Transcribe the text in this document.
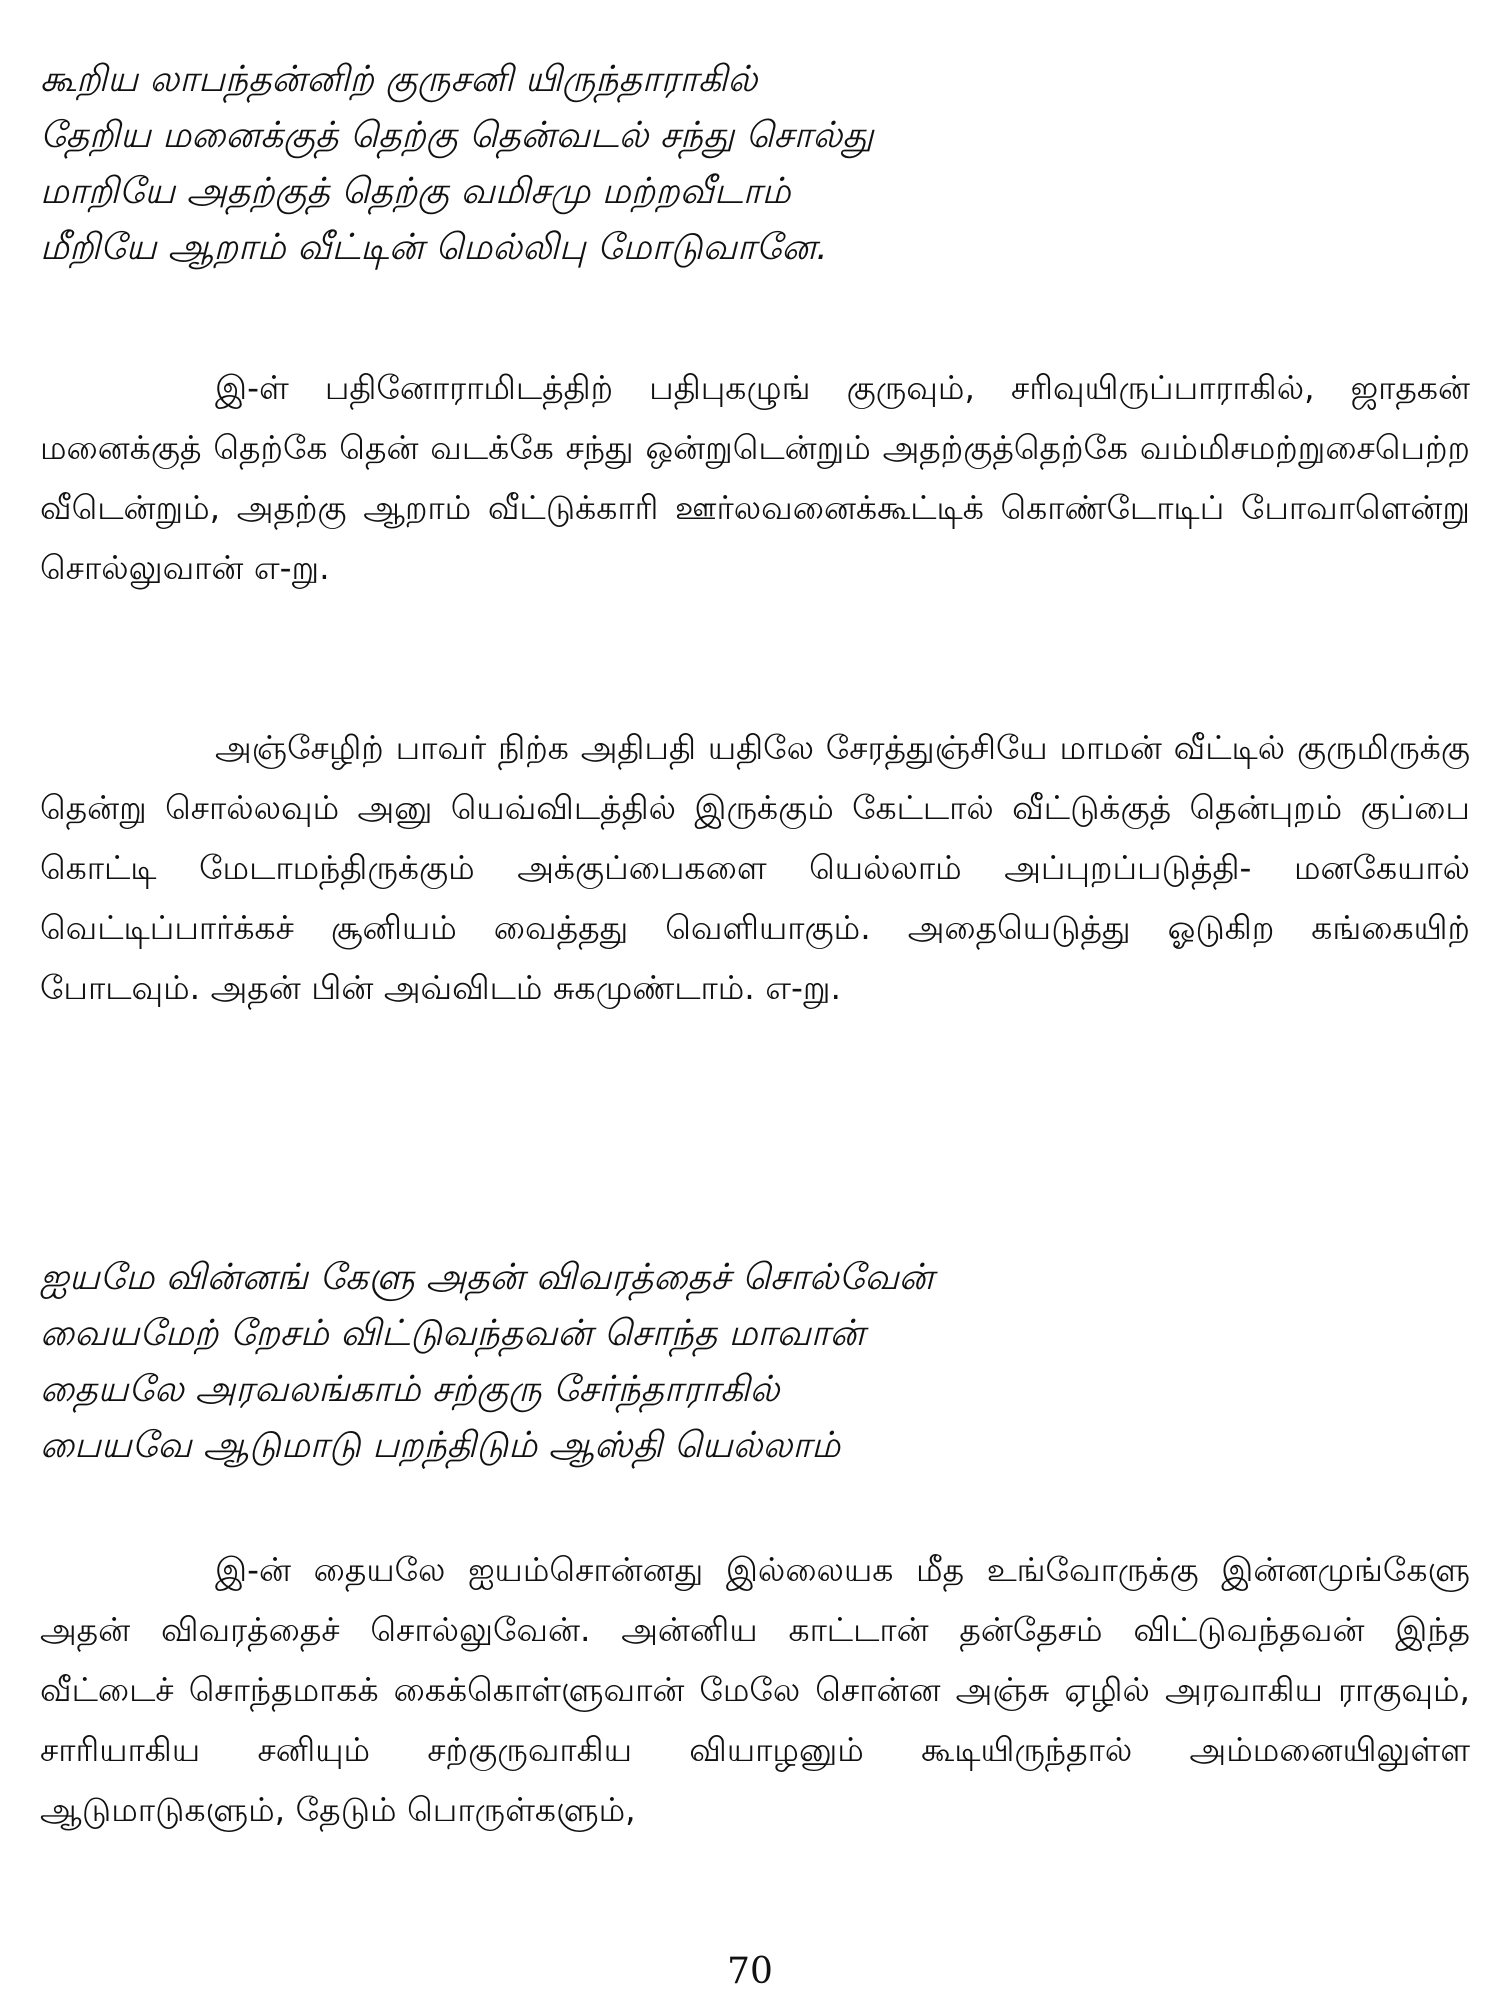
கூறிய லாபந்தன்னிற் குருசனி யிருந்தாராகில்
தேறிய மனைக்குத் தெற்கு தென்வடல் சந்து சொல்து
மாறியே அதற்குத் தெற்கு வமிசமு மற்றவீடாம்
மீறியே ஆறாம் வீட்டின் மெல்லிபு மோடுவானே.

இ-ள் பதினோராமிடத்திற் பதிபுகழுங் குருவும், சரிவுயிருப்பாராகில், ஜாதகன் மனைக்குத் தெற்கே தென் வடக்கே சந்து ஒன்றுடென்றும் அதற்குத்தெற்கே வம்மிசமற்றுசைபெற்ற வீடென்றும், அதற்கு ஆறாம் வீட்டுக்காரி ஊர்லவனைக்கூட்டிக் கொண்டோடிப் போவாளென்று சொல்லுவான் எ-று.

அஞ்சேழிற் பாவர் நிற்க அதிபதி யதிலே சேரத்துஞ்சியே மாமன் வீட்டில் குருமிருக்கு தென்று சொல்லவும் அனு யெவ்விடத்தில் இருக்கும் கேட்டால் வீட்டுக்குத் தென்புறம் குப்பை கொட்டி மேடாமந்திருக்கும் அக்குப்பைகளை யெல்லாம் அப்புறப்படுத்தி- மனகேயால் வெட்டிப்பார்க்கச் சூனியம் வைத்தது வெளியாகும். அதையெடுத்து ஓடுகிற கங்கையிற் போடவும். அதன் பின் அவ்விடம் சுகமுண்டாம். எ-று.

ஐயமே வின்னங் கேளு அதன் விவரத்தைச் சொல்வேன்
வையமேற் றேசம் விட்டுவந்தவன் சொந்த மாவான்
தையலே அரவலங்காம் சற்குரு சேர்ந்தாராகில்
பையவே ஆடுமாடு பறந்திடும் ஆஸ்தி யெல்லாம்

இ-ன் தையலே ஐயம்சொன்னது இல்லையக மீத உங்வோருக்கு இன்னமுங்கேளு அதன் விவரத்தைச் சொல்லுவேன். அன்னிய காட்டான் தன்தேசம் விட்டுவந்தவன் இந்த வீட்டைச் சொந்தமாகக் கைக்கொள்ளுவான் மேலே சொன்ன அஞ்சு ஏழில் அரவாகிய ராகுவும், சாரியாகிய சனியும் சற்குருவாகிய வியாழனும் கூடியிருந்தால் அம்மனையிலுள்ள ஆடுமாடுகளும், தேடும் பொருள்களும்,

70
